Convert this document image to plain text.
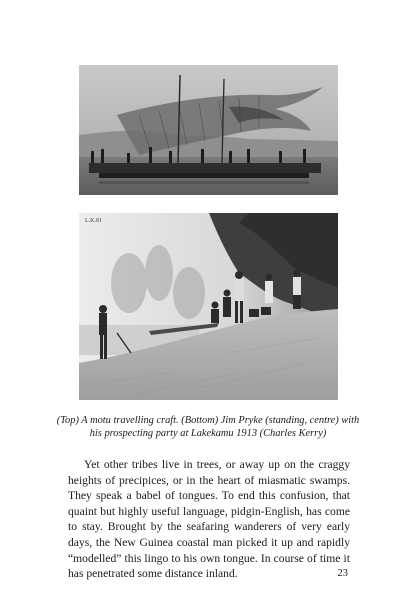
L.K.81
(Top) A motu travelling craft. (Bottom) Jim Pryke (standing, centre) with his prospecting party at Lakekamu 1913 (Charles Kerry)

Yet other tribes live in trees, or away up on the craggy heights of precipices, or in the heart of miasmatic swamps. They speak a babel of tongues. To end this confusion, that quaint but highly useful language, pidgin-English, has come to stay. Brought by the seafaring wanderers of very early days, the New Guinea coastal man picked it up and rapidly “modelled” this lingo to his own tongue. In course of time it has penetrated some distance inland.	23
